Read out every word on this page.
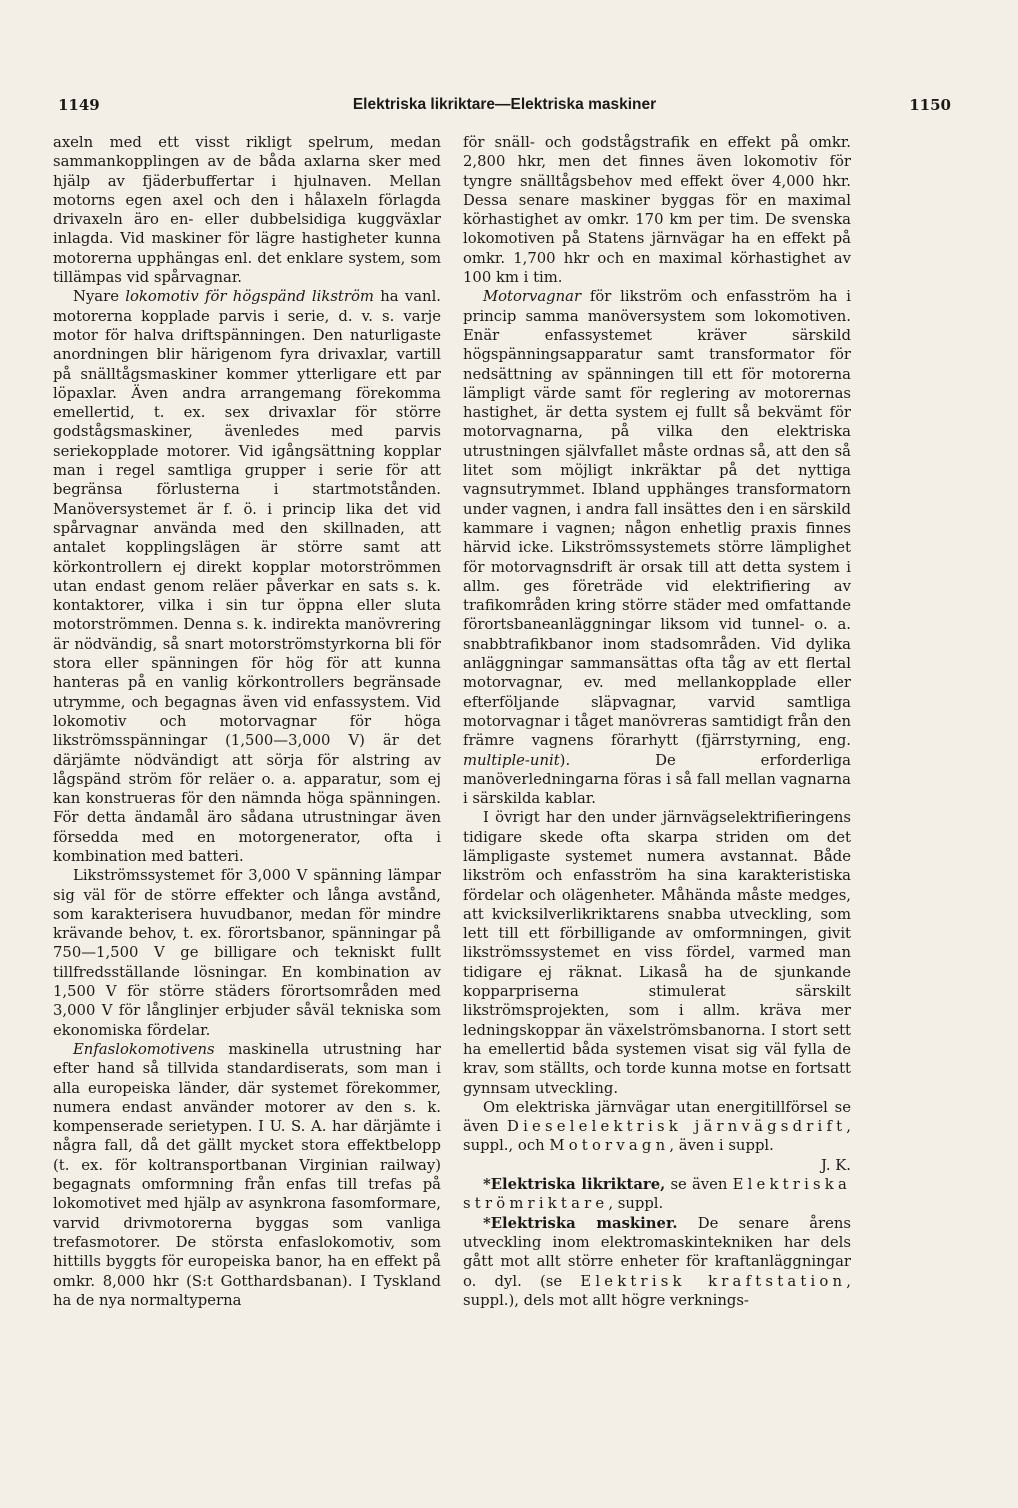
1149	Elektriska likriktare—Elektriska maskiner	1150

axeln med ett visst rikligt spelrum, medan sammankopplingen av de båda axlarna sker med hjälp av fjäderbuffertar i hjulnaven. Mellan motorns egen axel och den i hålaxeln förlagda drivaxeln äro en- eller dubbelsidiga kuggväxlar inlagda. Vid maskiner för lägre hastigheter kunna motorerna upphängas enl. det enklare system, som tillämpas vid spårvagnar.

Nyare lokomotiv för högspänd likström ha vanl. motorerna kopplade parvis i serie, d. v. s. varje motor för halva driftspänningen. Den naturligaste anordningen blir härigenom fyra drivaxlar, vartill på snälltågsmaskiner kommer ytterligare ett par löpaxlar. Även andra arrangemang förekomma emellertid, t. ex. sex drivaxlar för större godstågsmaskiner, ävenledes med parvis seriekopplade motorer. Vid igångsättning kopplar man i regel samtliga grupper i serie för att begränsa förlusterna i startmotstånden. Manöversystemet är f. ö. i princip lika det vid spårvagnar använda med den skillnaden, att antalet kopplingslägen är större samt att körkontrollern ej direkt kopplar motorströmmen utan endast genom reläer påverkar en sats s. k. kontaktorer, vilka i sin tur öppna eller sluta motorströmmen. Denna s. k. indirekta manövrering är nödvändig, så snart motorströmstyrkorna bli för stora eller spänningen för hög för att kunna hanteras på en vanlig körkontrollers begränsade utrymme, och begagnas även vid enfassystem. Vid lokomotiv och motorvagnar för höga likströmsspänningar (1,500—3,000 V) är det därjämte nödvändigt att sörja för alstring av lågspänd ström för reläer o. a. apparatur, som ej kan konstrueras för den nämnda höga spänningen. För detta ändamål äro sådana utrustningar även försedda med en motorgenerator, ofta i kombination med batteri.

Likströmssystemet för 3,000 V spänning lämpar sig väl för de större effekter och långa avstånd, som karakterisera huvudbanor, medan för mindre krävande behov, t. ex. förortsbanor, spänningar på 750—1,500 V ge billigare och tekniskt fullt tillfredsställande lösningar. En kombination av 1,500 V för större städers förortsområden med 3,000 V för långlinjer erbjuder såväl tekniska som ekonomiska fördelar.

Enfaslokomotivens maskinella utrustning har efter hand så tillvida standardiserats, som man i alla europeiska länder, där systemet förekommer, numera endast använder motorer av den s. k. kompenserade serietypen. I U. S. A. har därjämte i några fall, då det gällt mycket stora effektbelopp (t. ex. för koltransportbanan Virginian railway) begagnats omformning från enfas till trefas på lokomotivet med hjälp av asynkrona fasomformare, varvid drivmotorerna byggas som vanliga trefasmotorer. De största enfaslokomotiv, som hittills byggts för europeiska banor, ha en effekt på omkr. 8,000 hkr (S:t Gotthardsbanan). I Tyskland ha de nya normaltyperna

för snäll- och godstågstrafik en effekt på omkr. 2,800 hkr, men det finnes även lokomotiv för tyngre snälltågsbehov med effekt över 4,000 hkr. Dessa senare maskiner byggas för en maximal körhastighet av omkr. 170 km per tim. De svenska lokomotiven på Statens järnvägar ha en effekt på omkr. 1,700 hkr och en maximal körhastighet av 100 km i tim.

Motorvagnar för likström och enfasström ha i princip samma manöversystem som lokomotiven. Enär enfassystemet kräver särskild högspänningsapparatur samt transformator för nedsättning av spänningen till ett för motorerna lämpligt värde samt för reglering av motorernas hastighet, är detta system ej fullt så bekvämt för motorvagnarna, på vilka den elektriska utrustningen självfallet måste ordnas så, att den så litet som möjligt inkräktar på det nyttiga vagnsutrymmet. Ibland upphänges transformatorn under vagnen, i andra fall insättes den i en särskild kammare i vagnen; någon enhetlig praxis finnes härvid icke. Likströmssystemets större lämplighet för motorvagnsdrift är orsak till att detta system i allm. ges företräde vid elektrifiering av trafikområden kring större städer med omfattande förortsbaneanläggningar liksom vid tunnel- o. a. snabbtrafikbanor inom stadsområden. Vid dylika anläggningar sammansättas ofta tåg av ett flertal motorvagnar, ev. med mellankopplade eller efterföljande släpvagnar, varvid samtliga motorvagnar i tåget manövreras samtidigt från den främre vagnens förarhytt (fjärrstyrning, eng. multiple-unit). De erforderliga manöverledningarna föras i så fall mellan vagnarna i särskilda kablar.

I övrigt har den under järnvägselektrifieringens tidigare skede ofta skarpa striden om det lämpligaste systemet numera avstannat. Både likström och enfasström ha sina karakteristiska fördelar och olägenheter. Måhända måste medges, att kvicksilverlikriktarens snabba utveckling, som lett till ett förbilligande av omformningen, givit likströmssystemet en viss fördel, varmed man tidigare ej räknat. Likaså ha de sjunkande kopparpriserna stimulerat särskilt likströmsprojekten, som i allm. kräva mer ledningskoppar än växelströmsbanorna. I stort sett ha emellertid båda systemen visat sig väl fylla de krav, som ställts, och torde kunna motse en fortsatt gynnsam utveckling.

Om elektriska järnvägar utan energitillförsel se även Dieselelektrisk järnvägsdrift, suppl., och Motorvagn, även i suppl.

J. K.

*Elektriska likriktare, se även Elektriska strömriktare, suppl.

*Elektriska maskiner. De senare årens utveckling inom elektromaskintekniken har dels gått mot allt större enheter för kraftanläggningar o. dyl. (se Elektrisk kraftstation, suppl.), dels mot allt högre verknings-
